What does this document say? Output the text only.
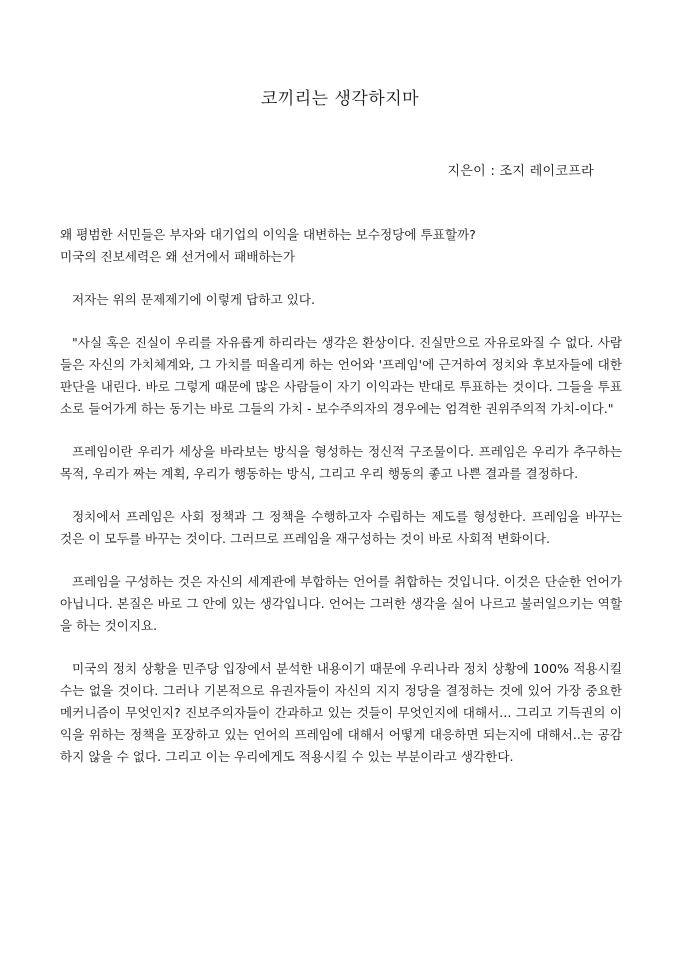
코끼리는 생각하지마
지은이 : 조지 레이코프라

왜 평범한 서민들은 부자와 대기업의 이익을 대변하는 보수정당에 투표할까?

미국의 진보세력은 왜 선거에서 패배하는가

저자는 위의 문제제기에 이렇게 답하고 있다.

"사실 혹은 진실이 우리를 자유롭게 하리라는 생각은 환상이다. 진실만으로 자유로와질 수 없다. 사람들은 자신의 가치체계와, 그 가치를 떠올리게 하는 언어와 '프레임'에 근거하여 정치와 후보자들에 대한 판단을 내린다. 바로 그렇게 때문에 많은 사람들이 자기 이익과는 반대로 투표하는 것이다. 그들을 투표소로 들어가게 하는 동기는 바로 그들의 가치 - 보수주의자의 경우에는 엄격한 권위주의적 가치-이다."

프레임이란 우리가 세상을 바라보는 방식을 형성하는 정신적 구조물이다. 프레임은 우리가 추구하는 목적, 우리가 짜는 계획, 우리가 행동하는 방식, 그리고 우리 행동의 좋고 나쁜 결과를 결정하다.

정치에서 프레임은 사회 정책과 그 정책을 수행하고자 수립하는 제도를 형성한다. 프레임을 바꾸는 것은 이 모두를 바꾸는 것이다. 그러므로 프레임을 재구성하는 것이 바로 사회적 변화이다.

프레임을 구성하는 것은 자신의 세계관에 부합하는 언어를 취합하는 것입니다. 이것은 단순한 언어가 아닙니다. 본질은 바로 그 안에 있는 생각입니다. 언어는 그러한 생각을 실어 나르고 불러일으키는 역할을 하는 것이지요.

미국의 정치 상황을 민주당 입장에서 분석한 내용이기 때문에 우리나라 정치 상황에 100% 적용시킬 수는 없을 것이다. 그러나 기본적으로 유권자들이 자신의 지지 정당을 결정하는 것에 있어 가장 중요한 메커니즘이 무엇인지? 진보주의자들이 간과하고 있는 것들이 무엇인지에 대해서... 그리고 기득권의 이익을 위하는 정책을 포장하고 있는 언어의 프레임에 대해서 어떻게 대응하면 되는지에 대해서..는 공감하지 않을 수 없다. 그리고 이는 우리에게도 적용시킬 수 있는 부분이라고 생각한다.
